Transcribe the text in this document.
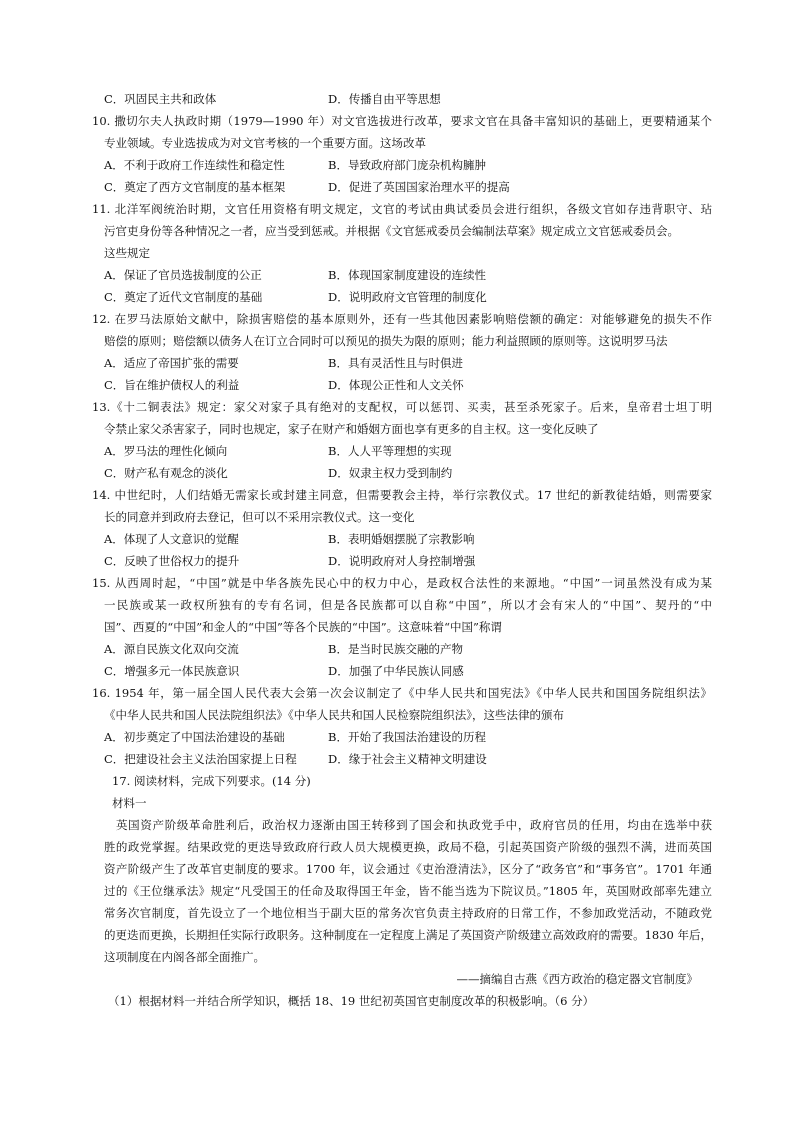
C．巩固民主共和政体	D．传播自由平等思想
10. 撒切尔夫人执政时期（1979—1990 年）对文官选拔进行改革，要求文官在具备丰富知识的基础上，更要精通某个
专业领域。专业选拔成为对文官考核的一个重要方面。这场改革
A．不利于政府工作连续性和稳定性	B．导致政府部门庞杂机构臃肿
C．奠定了西方文官制度的基本框架	D．促进了英国国家治理水平的提高
11. 北洋军阀统治时期，文官任用资格有明文规定，文官的考试由典试委员会进行组织，各级文官如存违背职守、玷
污官吏身份等各种情况之一者，应当受到惩戒。并根据《文官惩戒委员会编制法草案》规定成立文官惩戒委员会。
这些规定
A．保证了官员选拔制度的公正	B．体现国家制度建设的连续性
C．奠定了近代文官制度的基础	D．说明政府文官管理的制度化
12. 在罗马法原始文献中，除损害赔偿的基本原则外，还有一些其他因素影响赔偿额的确定：对能够避免的损失不作
赔偿的原则；赔偿额以债务人在订立合同时可以预见的损失为限的原则；能力利益照顾的原则等。这说明罗马法
A．适应了帝国扩张的需要	B．具有灵活性且与时俱进
C．旨在维护债权人的利益	D．体现公正性和人文关怀
13.《十二铜表法》规定：家父对家子具有绝对的支配权，可以惩罚、买卖，甚至杀死家子。后来，皇帝君士坦丁明
令禁止家父杀害家子，同时也规定，家子在财产和婚姻方面也享有更多的自主权。这一变化反映了
A．罗马法的理性化倾向	B．人人平等理想的实现
C．财产私有观念的淡化	D．奴隶主权力受到制约
14. 中世纪时，人们结婚无需家长或封建主同意，但需要教会主持，举行宗教仪式。17 世纪的新教徒结婚，则需要家
长的同意并到政府去登记，但可以不采用宗教仪式。这一变化
A．体现了人文意识的觉醒	B．表明婚姻摆脱了宗教影响
C．反映了世俗权力的提升	D．说明政府对人身控制增强
15. 从西周时起，“中国”就是中华各族先民心中的权力中心，是政权合法性的来源地。“中国”一词虽然没有成为某
一民族或某一政权所独有的专有名词，但是各民族都可以自称“中国”，所以才会有宋人的“中国”、契丹的“中
国”、西夏的“中国”和金人的“中国”等各个民族的“中国”。这意味着“中国”称谓
A．源自民族文化双向交流	B．是当时民族交融的产物
C．增强多元一体民族意识	D．加强了中华民族认同感
16. 1954 年，第一届全国人民代表大会第一次会议制定了《中华人民共和国宪法》《中华人民共和国国务院组织法》
《中华人民共和国人民法院组织法》《中华人民共和国人民检察院组织法》，这些法律的颁布
A．初步奠定了中国法治建设的基础	B．开始了我国法治建设的历程
C．把建设社会主义法治国家提上日程	D．缘于社会主义精神文明建设
17. 阅读材料，完成下列要求。(14 分)
材料一
英国资产阶级革命胜利后，政治权力逐渐由国王转移到了国会和执政党手中，政府官员的任用，均由在选举中获
胜的政党掌握。结果政党的更迭导致政府行政人员大规模更换，政局不稳，引起英国资产阶级的强烈不满，进而英国
资产阶级产生了改革官吏制度的要求。1700 年，议会通过《吏治澄清法》，区分了“政务官”和“事务官”。1701 年通
过的《王位继承法》规定“凡受国王的任命及取得国王年金，皆不能当选为下院议员。”1805 年，英国财政部率先建立
常务次官制度，首先设立了一个地位相当于副大臣的常务次官负责主持政府的日常工作，不参加政党活动，不随政党
的更迭而更换，长期担任实际行政职务。这种制度在一定程度上满足了英国资产阶级建立高效政府的需要。1830 年后，
这项制度在内阁各部全面推广。
——摘编自古燕《西方政治的稳定器文官制度》
（1）根据材料一并结合所学知识，概括 18、19 世纪初英国官吏制度改革的积极影响。（6 分）
